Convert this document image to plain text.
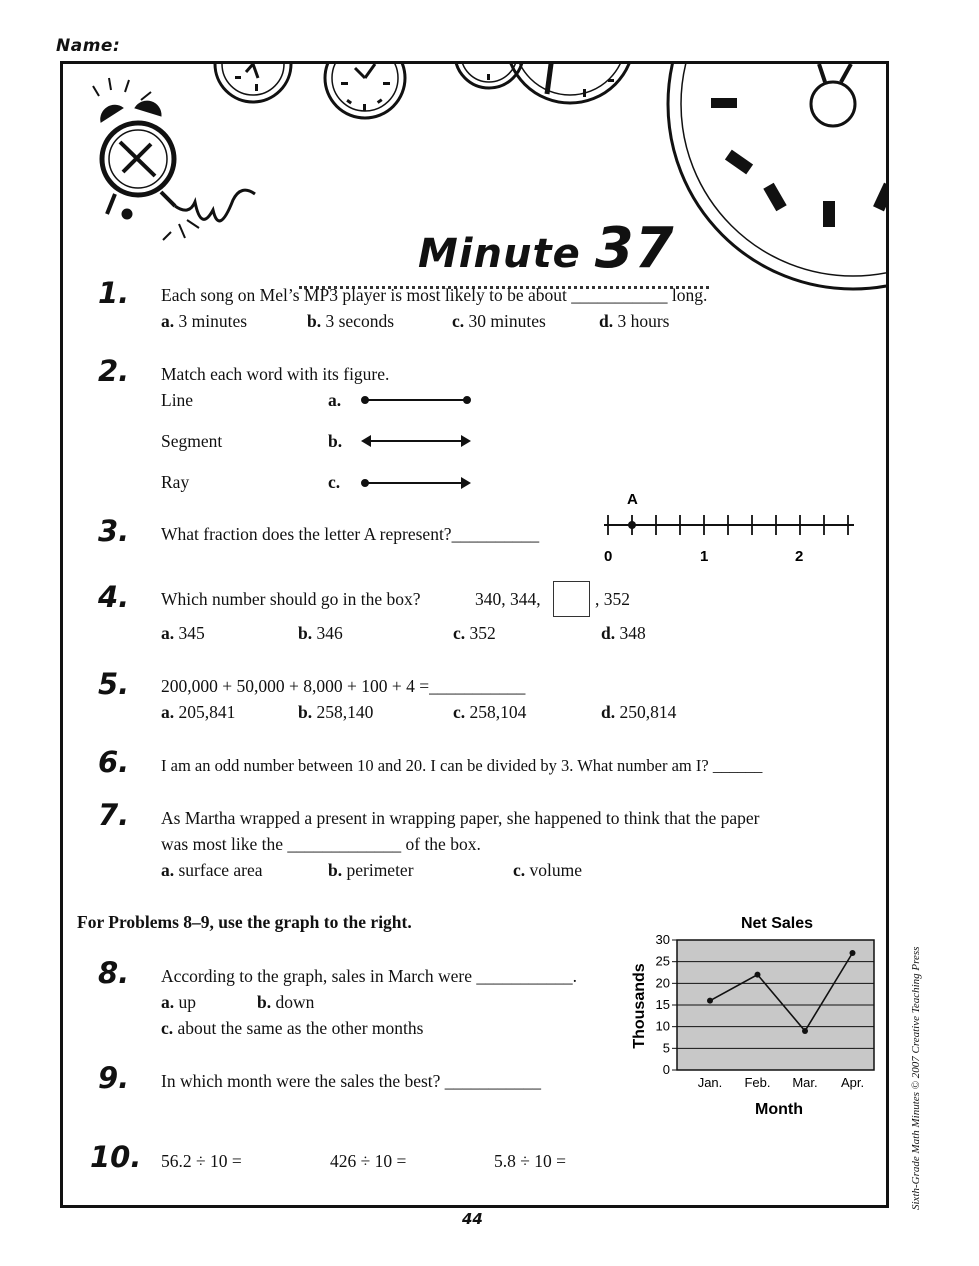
Name:
Minute 37
1. Each song on Mel’s MP3 player is most likely to be about ___________ long.
a. 3 minutes	b. 3 seconds	c. 30 minutes	d. 3 hours
2. Match each word with its figure.
Line	a.
Segment	b.
Ray	c.
3. What fraction does the letter A represent?__________
A
0	1	2
4. Which number should go in the box?	340, 344,	, 352
a. 345	b. 346	c. 352	d. 348
5. 200,000 + 50,000 + 8,000 + 100 + 4 =___________
a. 205,841	b. 258,140	c. 258,104	d. 250,814
6. I am an odd number between 10 and 20. I can be divided by 3. What number am I? ______
7. As Martha wrapped a present in wrapping paper, she happened to think that the paper
was most like the _____________ of the box.
a. surface area	b. perimeter	c. volume
For Problems 8–9, use the graph to the right.
8. According to the graph, sales in March were ___________.
a. up	b. down
c. about the same as the other months
9. In which month were the sales the best? ___________
10. 56.2 ÷ 10 =	426 ÷ 10 =	5.8 ÷ 10 =
Net Sales
0
5
10
15
20
25
30
Jan. Feb. Mar. Apr.
Thousands
Month	Sixth-Grade Math Minutes © 2007 Creative Teaching Press
44
